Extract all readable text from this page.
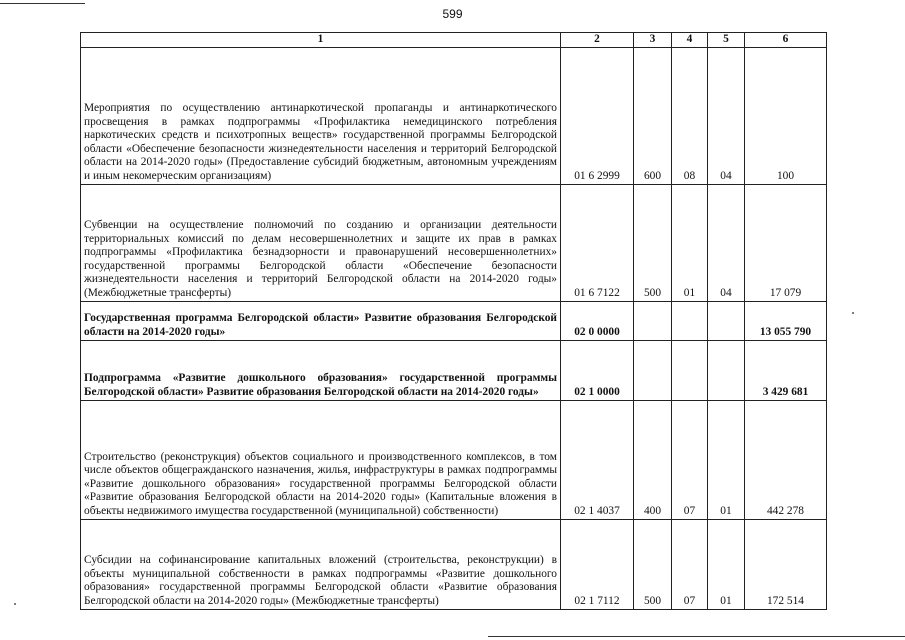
599
1	2	3	4	5	6
Мероприятия по осуществлению антинаркотической пропаганды и антинаркотического просвещения в рамках подпрограммы «Профилактика немедицинского потребления наркотических средств и психотропных веществ» государственной программы Белгородской области «Обеспечение безопасности жизнедеятельности населения и территорий Белгородской области на 2014-2020 годы» (Предоставление субсидий бюджетным, автономным учреждениям и иным некомерческим организациям)	01 6 2999	600	08	04	100
Субвенции на осуществление полномочий по созданию и организации деятельности территориальных комиссий по делам несовершеннолетних и защите их прав в рамках подпрограммы «Профилактика безнадзорности и правонарушений несовершеннолетних» государственной программы Белгородской области «Обеспечение безопасности жизнедеятельности населения и территорий Белгородской области на 2014-2020 годы» (Межбюджетные трансферты)	01 6 7122	500	01	04	17 079
Государственная программа Белгородской области» Развитие образования Белгородской области на 2014-2020 годы»	02 0 0000				13 055 790
Подпрограмма «Развитие дошкольного образования» государственной программы Белгородской области» Развитие образования Белгородской области на 2014-2020 годы»	02 1 0000				3 429 681
Строительство (реконструкция) объектов социального и производственного комплексов, в том числе объектов общегражданского назначения, жилья, инфраструктуры в рамках подпрограммы «Развитие дошкольного образования» государственной программы Белгородской области «Развитие образования Белгородской области на 2014-2020 годы» (Капитальные вложения в объекты недвижимого имущества государственной (муниципальной) собственности)	02 1 4037	400	07	01	442 278
Субсидии на софинансирование капитальных вложений (строительства, реконструкции) в объекты муниципальной собственности в рамках подпрограммы «Развитие дошкольного образования» государственной программы Белгородской области «Развитие образования Белгородской области на 2014-2020 годы» (Межбюджетные трансферты)	02 1 7112	500	07	01	172 514
